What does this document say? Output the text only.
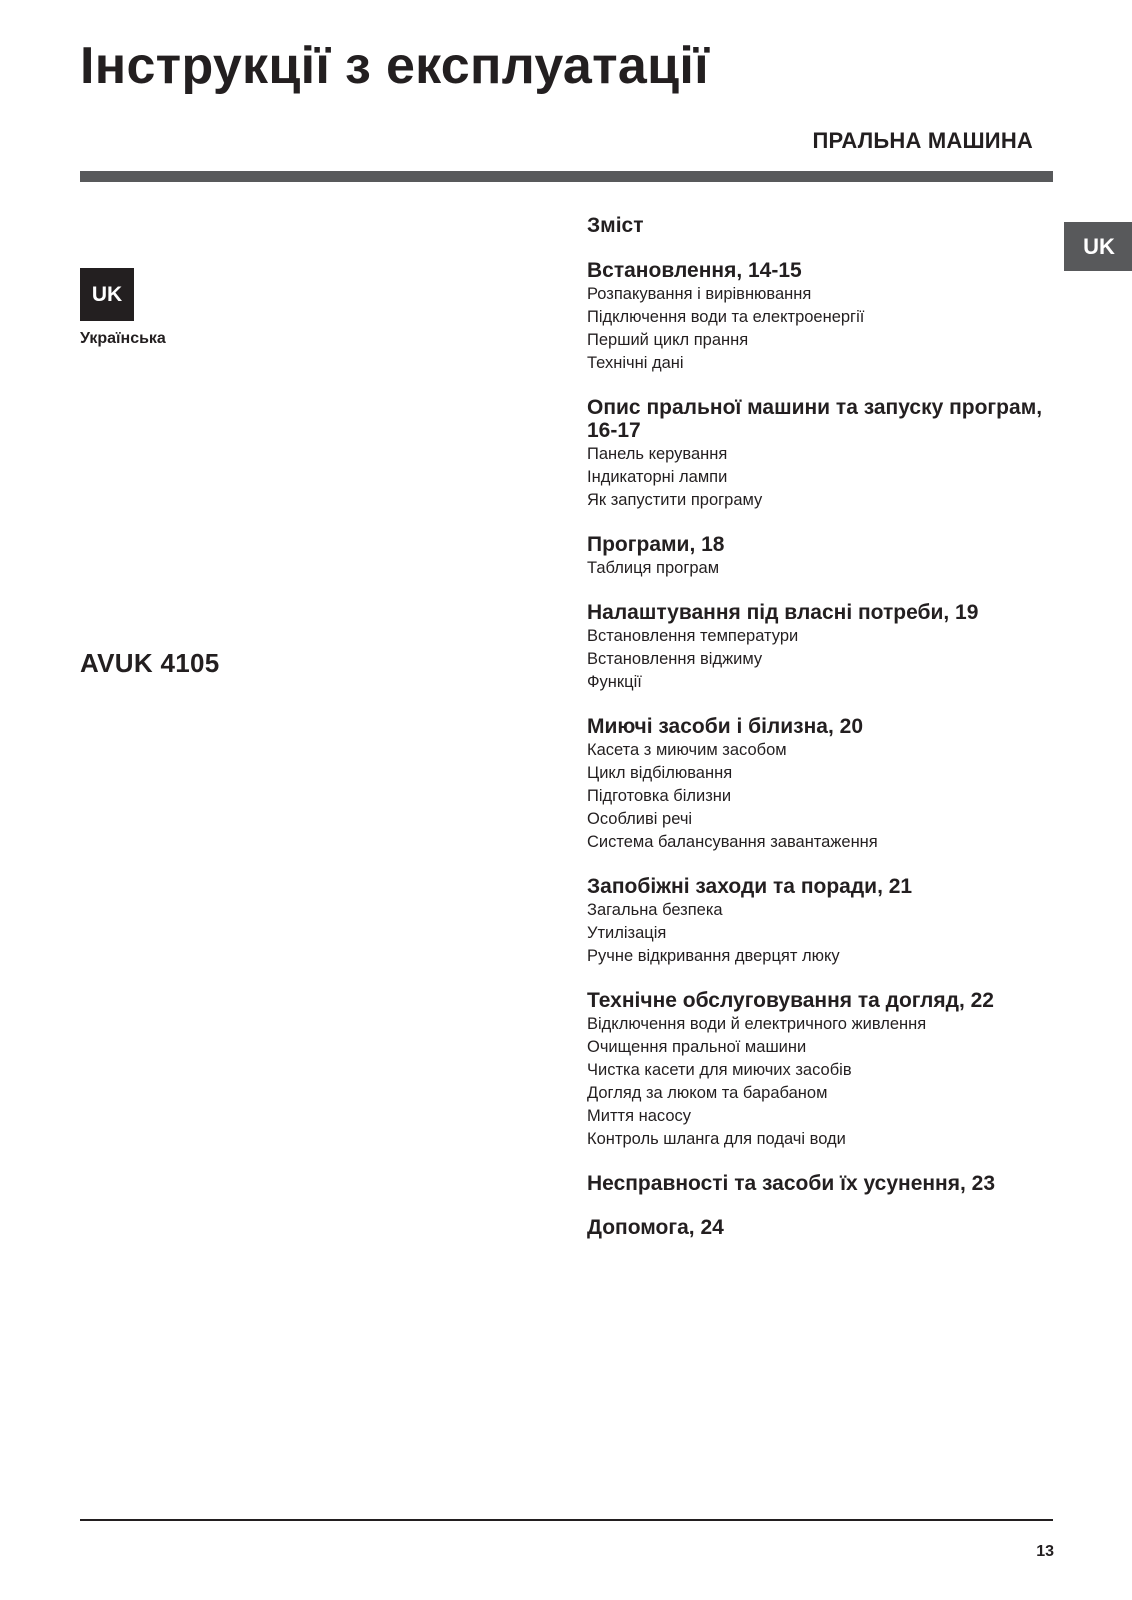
Інструкції з експлуатації
ПРАЛЬНА МАШИНА
UK
UK
Українська
AVUK 4105
Зміст
Встановлення, 14-15
Розпакування і вирівнювання
Підключення води та електроенергії
Перший цикл прання
Технічні дані
Опис пральної машини та запуску програм, 16-17
Панель керування
Індикаторні лампи
Як запустити програму
Програми, 18
Таблиця програм
Налаштування під власні потреби, 19
Встановлення температури
Встановлення віджиму
Функції
Миючі засоби і білизна, 20
Касета з миючим засобом
Цикл відбілювання
Підготовка білизни
Особливі речі
Система балансування завантаження
Запобіжні заходи та поради, 21
Загальна безпека
Утилізація
Ручне відкривання дверцят люку
Технічне обслуговування та догляд, 22
Відключення води й електричного живлення
Очищення пральної машини
Чистка касети для миючих засобів
Догляд за люком та барабаном
Миття насосу
Контроль шланга для подачі води
Несправності та засоби їх усунення, 23
Допомога, 24
13
